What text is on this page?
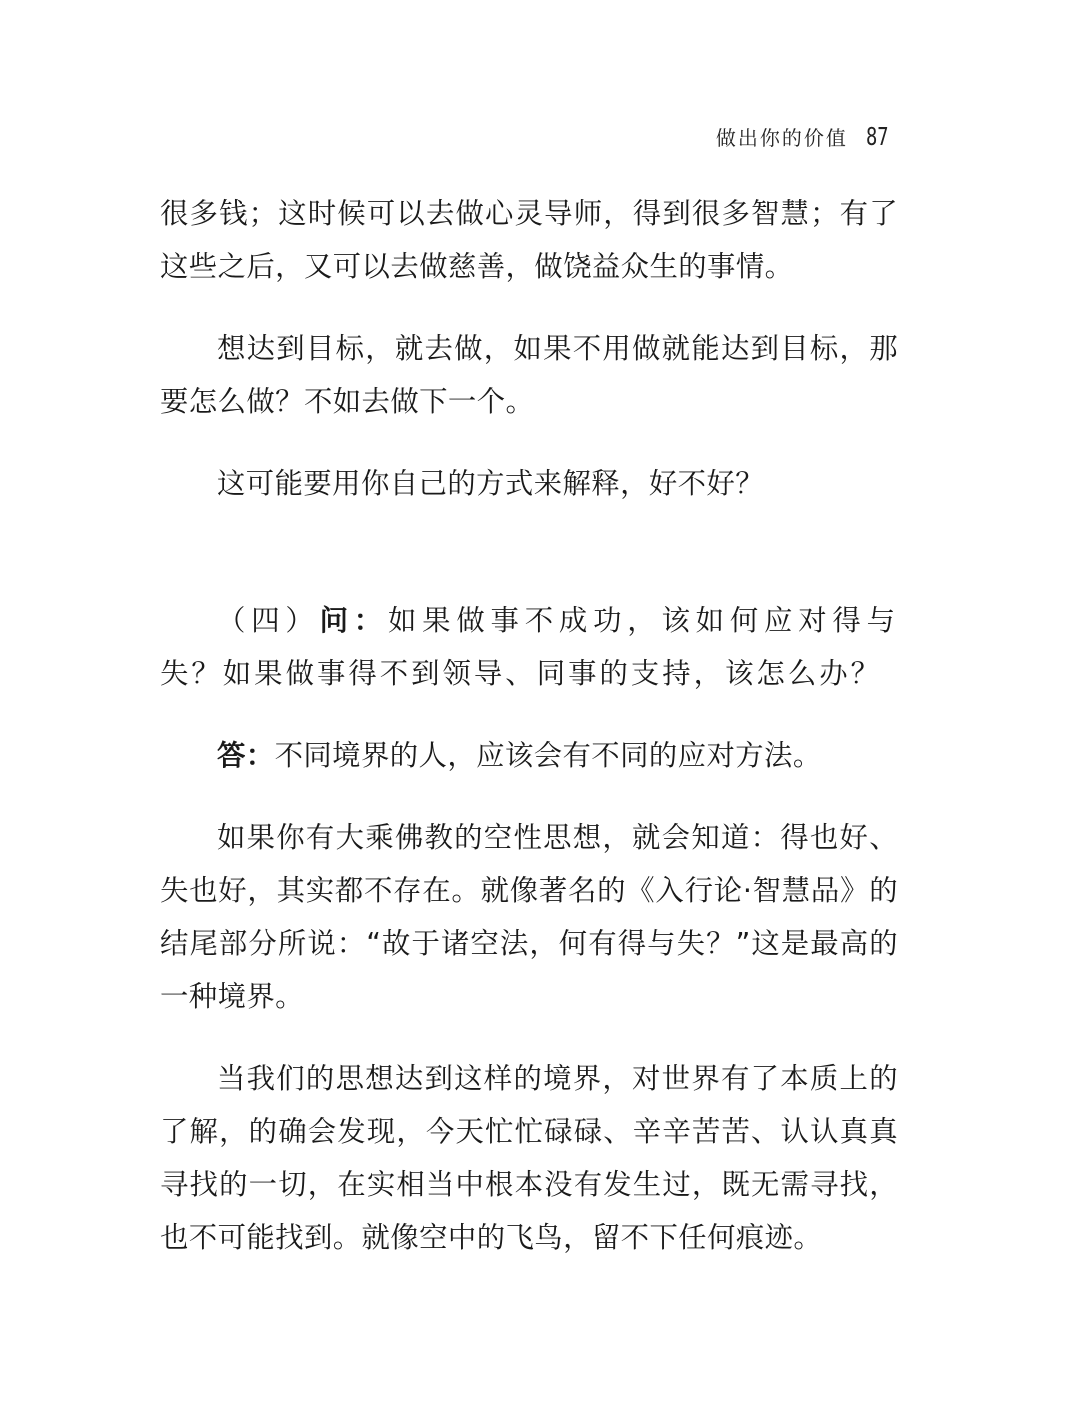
做出你的价值 87

很多钱；这时候可以去做心灵导师，得到很多智慧；有了这些之后，又可以去做慈善，做饶益众生的事情。

想达到目标，就去做，如果不用做就能达到目标，那要怎么做？不如去做下一个。

这可能要用你自己的方式来解释，好不好？

（四）问：如果做事不成功，该如何应对得与失？如果做事得不到领导、同事的支持，该怎么办？

答：不同境界的人，应该会有不同的应对方法。

如果你有大乘佛教的空性思想，就会知道：得也好、失也好，其实都不存在。就像著名的《入行论·智慧品》的结尾部分所说：“故于诸空法，何有得与失？”这是最高的一种境界。

当我们的思想达到这样的境界，对世界有了本质上的了解，的确会发现，今天忙忙碌碌、辛辛苦苦、认认真真寻找的一切，在实相当中根本没有发生过，既无需寻找，也不可能找到。就像空中的飞鸟，留不下任何痕迹。
